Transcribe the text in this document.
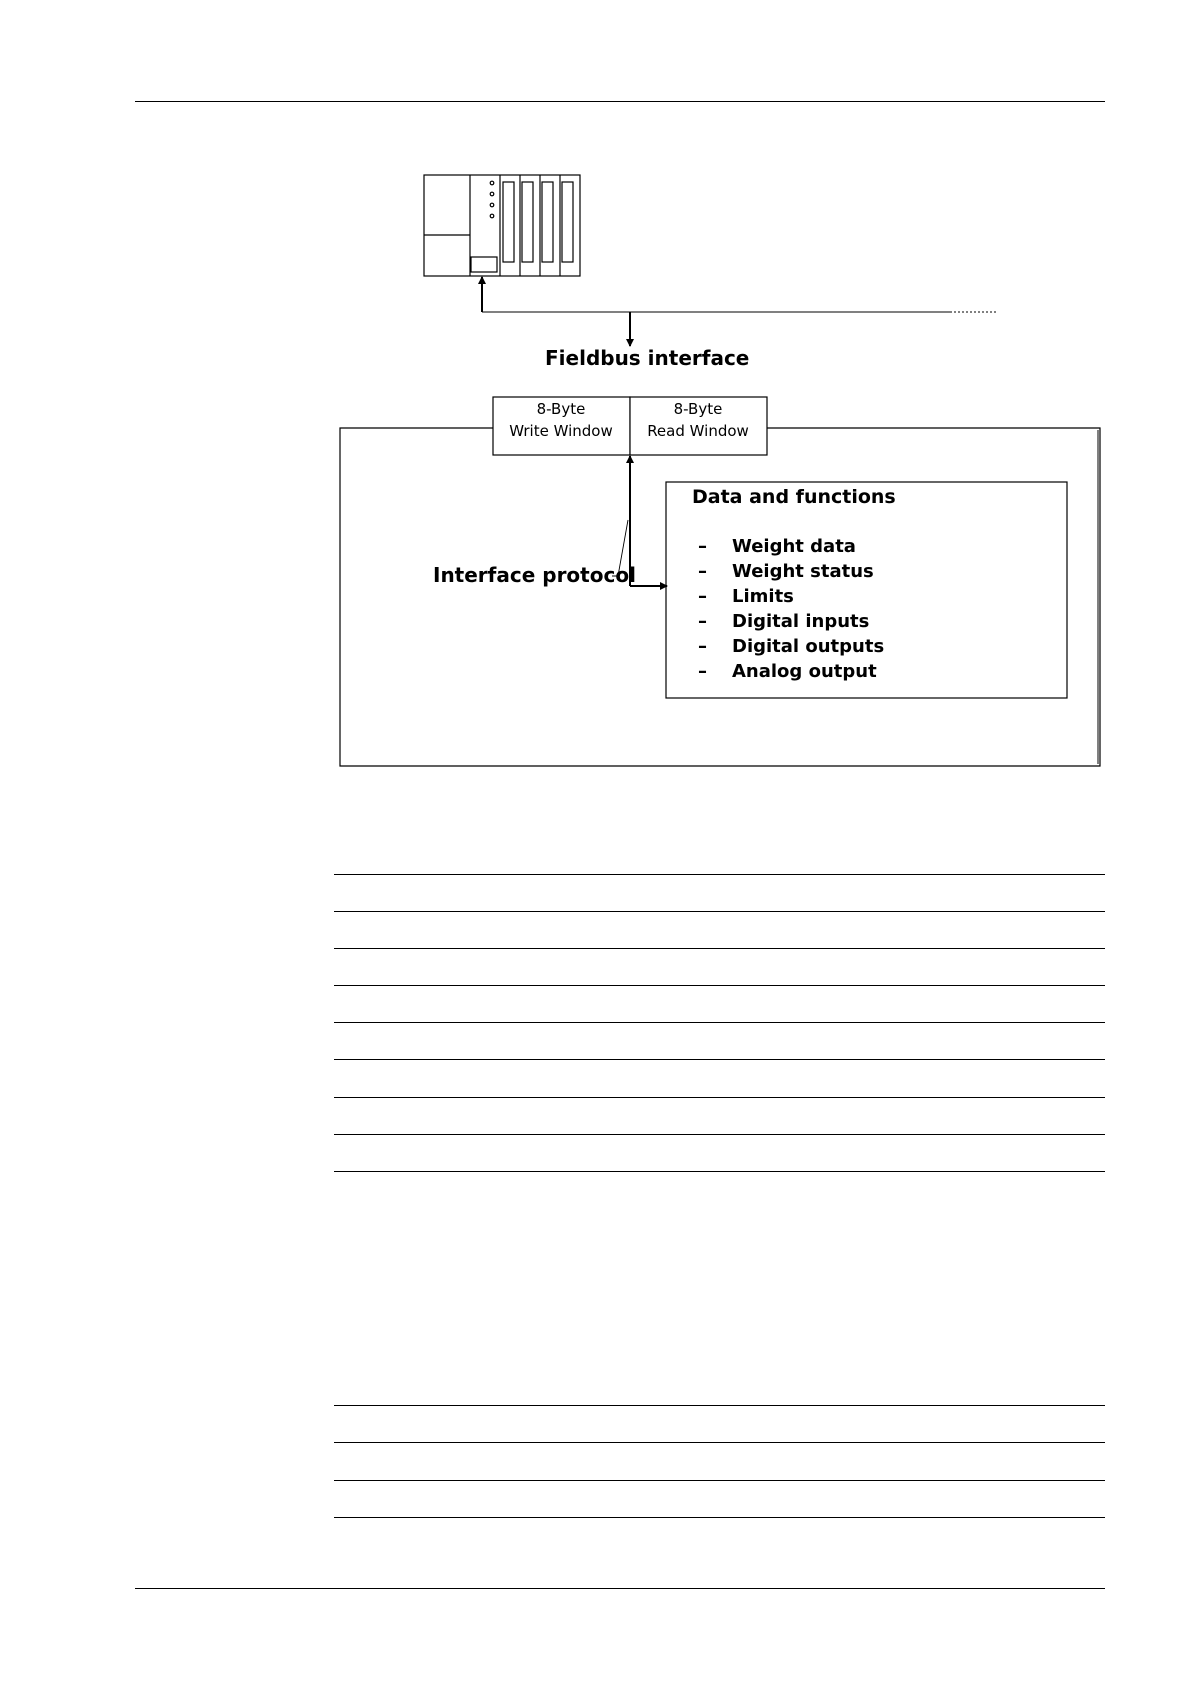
Fieldbus interface
8-Byte
Write Window
8-Byte
Read Window
Interface protocol
Data and functions
– Weight data
– Weight status
– Limits
– Digital inputs
– Digital outputs
– Analog output
